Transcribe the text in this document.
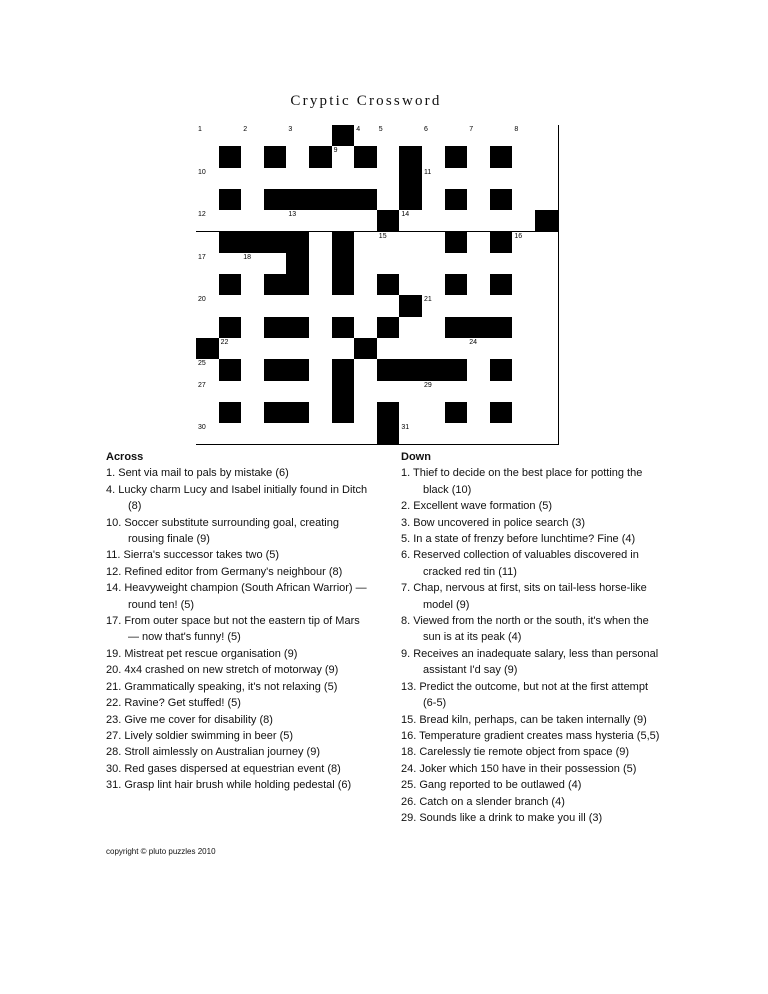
Cryptic Crossword
1	2	3	4	5	6	7	8
9
10	11
12	13	14
15	16
17	18	19
20	21
22	23	24
25	26
27	28	29
30	31
Across
1. Sent via mail to pals by mistake (6)
4. Lucky charm Lucy and Isabel initially found in Ditch (8)
10. Soccer substitute surrounding goal, creating rousing finale (9)
11. Sierra's successor takes two (5)
12. Refined editor from Germany's neighbour (8)
14. Heavyweight champion (South African Warrior) — round ten! (5)
17. From outer space but not the eastern tip of Mars — now that's funny! (5)
19. Mistreat pet rescue organisation (9)
20. 4x4 crashed on new stretch of motorway (9)
21. Grammatically speaking, it's not relaxing (5)
22. Ravine? Get stuffed! (5)
23. Give me cover for disability (8)
27. Lively soldier swimming in beer (5)
28. Stroll aimlessly on Australian journey (9)
30. Red gases dispersed at equestrian event (8)
31. Grasp lint hair brush while holding pedestal (6)
Down
1. Thief to decide on the best place for potting the black (10)
2. Excellent wave formation (5)
3. Bow uncovered in police search (3)
5. In a state of frenzy before lunchtime? Fine (4)
6. Reserved collection of valuables discovered in cracked red tin (11)
7. Chap, nervous at first, sits on tail-less horse-like model (9)
8. Viewed from the north or the south, it's when the sun is at its peak (4)
9. Receives an inadequate salary, less than personal assistant I'd say (9)
13. Predict the outcome, but not at the first attempt (6-5)
15. Bread kiln, perhaps, can be taken internally (9)
16. Temperature gradient creates mass hysteria (5,5)
18. Carelessly tie remote object from space (9)
24. Joker which 150 have in their possession (5)
25. Gang reported to be outlawed (4)
26. Catch on a slender branch (4)
29. Sounds like a drink to make you ill (3)
copyright © pluto puzzles 2010
